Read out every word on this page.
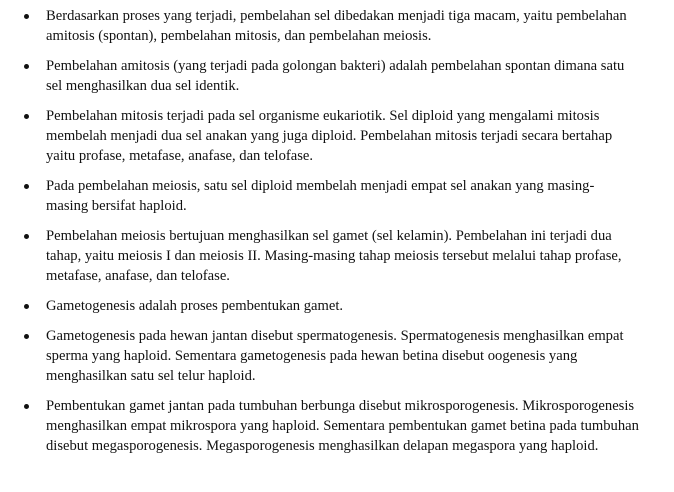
Berdasarkan proses yang terjadi, pembelahan sel dibedakan menjadi tiga macam, yaitu pembelahan amitosis (spontan), pembelahan mitosis, dan pembelahan meiosis.
Pembelahan amitosis (yang terjadi pada golongan bakteri) adalah pembelahan spontan dimana satu sel menghasilkan dua sel identik.
Pembelahan mitosis terjadi pada sel organisme eukariotik. Sel diploid yang mengalami mitosis membelah menjadi dua sel anakan yang juga diploid. Pembelahan mitosis terjadi secara bertahap yaitu profase, metafase, anafase, dan telofase.
Pada pembelahan meiosis, satu sel diploid membelah menjadi empat sel anakan yang masing- masing bersifat haploid.
Pembelahan meiosis bertujuan menghasilkan sel gamet (sel kelamin). Pembelahan ini terjadi dua tahap, yaitu meiosis I dan meiosis II. Masing-masing tahap meiosis tersebut melalui tahap profase, metafase, anafase, dan telofase.
Gametogenesis adalah proses pembentukan gamet.
Gametogenesis pada hewan jantan disebut spermatogenesis. Spermatogenesis menghasilkan empat sperma yang haploid. Sementara gametogenesis pada hewan betina disebut oogenesis yang menghasilkan satu sel telur haploid.
Pembentukan gamet jantan pada tumbuhan berbunga disebut mikrosporogenesis. Mikrosporogenesis menghasilkan empat mikrospora yang haploid. Sementara pembentukan gamet betina pada tumbuhan disebut megasporogenesis. Megasporogenesis menghasilkan delapan megaspora yang haploid.
